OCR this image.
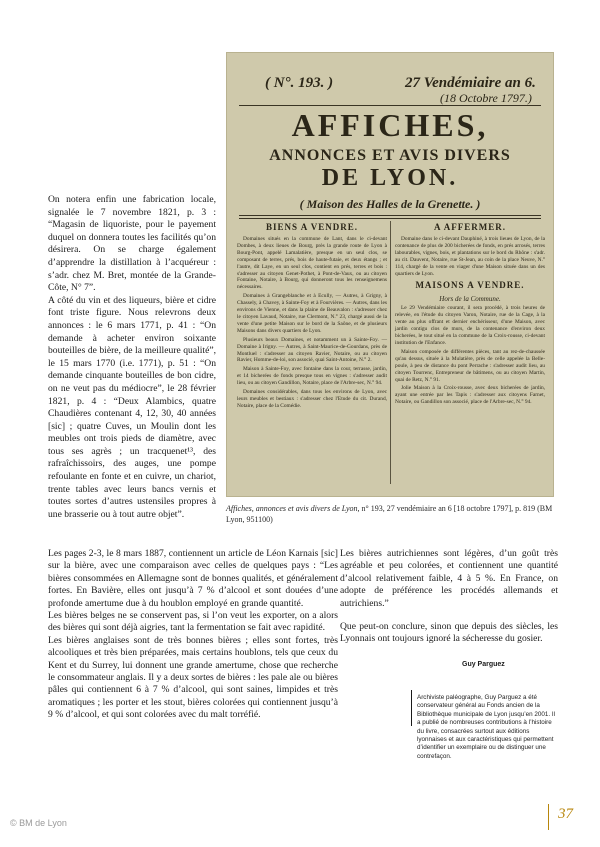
On notera enfin une fabrication locale, signalée le 7 novembre 1821, p. 3 : “Magasin de liquoriste, pour le payement duquel on donnera toutes les facilités qu’on désirera. On se charge également d’apprendre la distillation à l’acquéreur : s’adr. chez M. Bret, montée de la Grande-Côte, N° 7”.

A côté du vin et des liqueurs, bière et cidre font triste figure. Nous relevrons deux annonces : le 6 mars 1771, p. 41 : “On demande à acheter environ soixante bouteilles de bière, de la meilleure qualité”, le 15 mars 1770 (i.e. 1771), p. 51 : “On demande cinquante bouteilles de bon cidre, on ne veut pas du médiocre”, le 28 février 1821, p. 4 : “Deux Alambics, quatre Chaudières contenant 4, 12, 30, 40 années [sic] ; quatre Cuves, un Moulin dont les meubles ont trois pieds de diamètre, avec tous ses agrès ; un tracquenet¹³, des rafraîchissoirs, des auges, une pompe refoulante en fonte et en cuivre, un chariot, trente tables avec leurs bancs vernis et toutes sortes d’autres ustensiles propres à une brasserie ou à tout autre objet”.

( N°. 193. )	27 Vendémiaire an 6.
(18 Octobre 1797.)
AFFICHES,
ANNONCES ET AVIS DIVERS
DE LYON.
( Maison des Halles de la Grenette. )
BIENS A VENDRE.

Domaines situés en la commune de Lant, dans le ci-devant Dombes, à deux lieues de Bourg, près la grande route de Lyon à Bourg-Pont, appelé Lamalatière, presque en un seul clos, se composant de terres, prés, bois de haute-futaie, et deux étangs ; et l'autre, dit Laye, en un seul clos, contient en prés, terres et bois : s'adresser au citoyen Genet-Pothet, à Pont-de-Vaux, ou au citoyen Fontaine, Notaire, à Bourg, qui donneront tous les renseignemens nécessaires.

Domaines à Grangeblanche et à Ecully, — Autres, à Grigny, à Chassely, à Chavey, à Sainte-Foy et à Fourvières. — Autres, dans les environs de Vienne, et dans la plaine de Beauvalon : s'adresser chez le citoyen Lavaud, Notaire, rue Clermont, N.° 23, chargé aussi de la vente d'une petite Maison sur le bord de la Saône, et de plusieurs Maisons dans divers quartiers de Lyon.

Plusieurs beaux Domaines, et notamment un à Sainte-Foy. — Domaine à Irigny. — Autres, à Saint-Maurice-de-Gourdans, près de Montluel : s'adresser au citoyen Ravier, Notaire, ou au citoyen Ravier, Homme-de-loi, son associé, quai Saint-Antoine, N.° 2.

Maison à Sainte-Foy, avec fontaine dans la cour, terrasse, jardin, et 14 bicherées de fonds presque tous en vignes : s'adresser audit lieu, ou au citoyen Gandillon, Notaire, place de l'Arbre-sec, N.° 94.

Domaines considérables, dans tous les environs de Lyon, avec leurs meubles et bestiaux : s'adresser chez l'Etude du cit. Durand, Notaire, place de la Comédie.

A AFFERMER.

Domaine dans le ci-devant Dauphiné, à trois lieues de Lyon, de la contenance de plus de 200 bicherées de fonds, en prés arrosés, terres labourables, vignes, bois, et plantations sur le bord du Rhône : s'adr. au cit. Dauvent, Notaire, rue St-Jean, au coin de la place Neuve, N.° 114, chargé de la vente en viager d'une Maison située dans un des quartiers de Lyon.

MAISONS A VENDRE.
Hors de la Commune.

Le 29 Vendémiaire courant, il sera procédé, à trois heures de relevée, en l'étude du citoyen Varon, Notaire, rue de la Cage, à la vente au plus offrant et dernier enchérisseur, d'une Maison, avec jardin contigu clos de murs, de la contenance d'environ deux bicherées, le tout situé en la commune de la Croix-rousse, ci-devant institution de l'Enfance.

Maison composée de différentes pièces, tant au rez-de-chaussée qu'au dessus, située à la Mulatière, près de celle appelée la Belle-poule, à peu de distance du pont Perrache : s'adresser audit lieu, au citoyen Tourrenc, Entrepreneur de bâtimens, ou au citoyen Martin, quai de Retz, N.° 91.

Jolie Maison à la Croix-rousse, avec deux bicherées de jardin, ayant une entrée par les Tapis : s'adresser aux citoyens Farnet, Notaire, ou Gandillon son associé, place de l'Arbre-sec, N.° 94.

Affiches, annonces et avis divers de Lyon, n° 193, 27 vendémiaire an 6 [18 octobre 1797], p. 819 (BM Lyon, 951100)

Les pages 2-3, le 8 mars 1887, contiennent un article de Léon Karnais [sic] sur la bière, avec une comparaison avec celles de quelques pays : “Les bières consommées en Allemagne sont de bonnes qualités, et généralement fortes. En Bavière, elles ont jusqu’à 7 % d’alcool et sont douées d’une profonde amertume due à du houblon employé en grande quantité.

Les bières belges ne se conservent pas, si l’on veut les exporter, on a alors des bières qui sont déjà aigries, tant la fermentation se fait avec rapidité.

Les bières anglaises sont de très bonnes bières ; elles sont fortes, très alcooliques et très bien préparées, mais certains houblons, tels que ceux du Kent et du Surrey, lui donnent une grande amertume, chose que recherche le consommateur anglais. Il y a deux sortes de bières : les pale ale ou bières pâles qui contiennent 6 à 7 % d’alcool, qui sont saines, limpides et très aromatiques ; les porter et les stout, bières colorées qui contiennent jusqu’à 9 % d’alcool, et qui sont colorées avec du malt torréfié.

Les bières autrichiennes sont légères, d’un goût très agréable et peu colorées, et contiennent une quantité d’alcool relativement faible, 4 à 5 %. En France, on adopte de préférence les procédés allemands et autrichiens.”

Que peut-on conclure, sinon que depuis des siècles, les Lyonnais ont toujours ignoré la sécheresse du gosier.

Guy Parguez
Archiviste paléographe, Guy Parguez a été conservateur général au Fonds ancien de la Bibliothèque municipale de Lyon jusqu’en 2001. Il a publié de nombreuses contributions à l’histoire du livre, consacrées surtout aux éditions lyonnaises et aux caractéristiques qui permettent d’identifier un exemplaire ou de distinguer une contrefaçon.
© BM de Lyon
37
